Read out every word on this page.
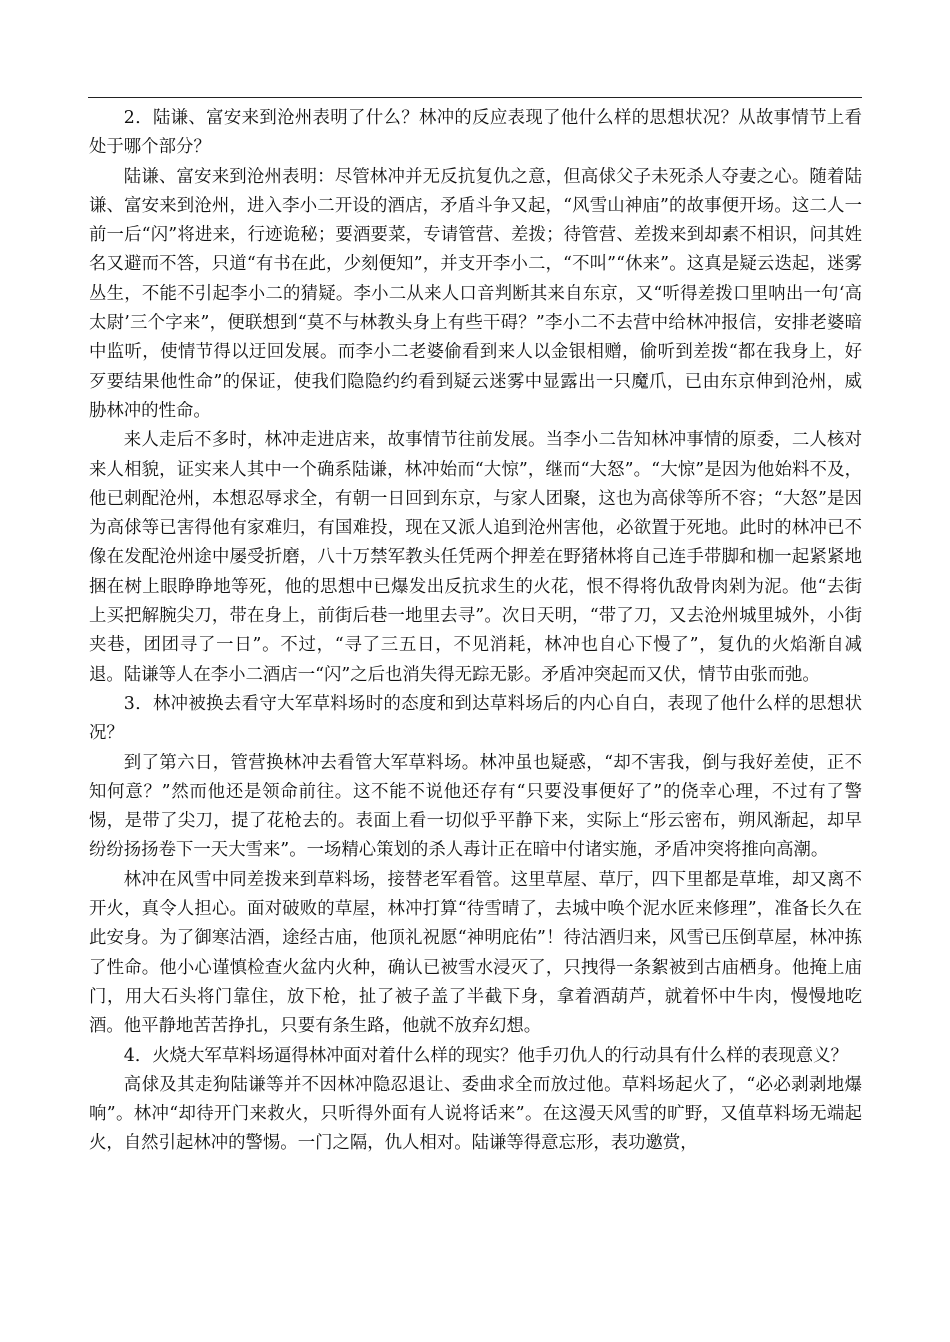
2．陆谦、富安来到沧州表明了什么？林冲的反应表现了他什么样的思想状况？从故事情节上看处于哪个部分？

陆谦、富安来到沧州表明：尽管林冲并无反抗复仇之意，但高俅父子未死杀人夺妻之心。随着陆谦、富安来到沧州，进入李小二开设的酒店，矛盾斗争又起，“风雪山神庙”的故事便开场。这二人一前一后“闪”将进来，行迹诡秘；要酒要菜，专请管营、差拨；待管营、差拨来到却素不相识，问其姓名又避而不答，只道“有书在此，少刻便知”，并支开李小二，“不叫”“休来”。这真是疑云迭起，迷雾丛生，不能不引起李小二的猜疑。李小二从来人口音判断其来自东京，又“听得差拨口里呐出一句‘高太尉’三个字来”，便联想到“莫不与林教头身上有些干碍？”李小二不去营中给林冲报信，安排老婆暗中监听，使情节得以迂回发展。而李小二老婆偷看到来人以金银相赠，偷听到差拨“都在我身上，好歹要结果他性命”的保证，使我们隐隐约约看到疑云迷雾中显露出一只魔爪，已由东京伸到沧州，威胁林冲的性命。

来人走后不多时，林冲走进店来，故事情节往前发展。当李小二告知林冲事情的原委，二人核对来人相貌，证实来人其中一个确系陆谦，林冲始而“大惊”，继而“大怒”。“大惊”是因为他始料不及，他已刺配沧州，本想忍辱求全，有朝一日回到东京，与家人团聚，这也为高俅等所不容；“大怒”是因为高俅等已害得他有家难归，有国难投，现在又派人追到沧州害他，必欲置于死地。此时的林冲已不像在发配沧州途中屡受折磨，八十万禁军教头任凭两个押差在野猪林将自己连手带脚和枷一起紧紧地捆在树上眼睁睁地等死，他的思想中已爆发出反抗求生的火花，恨不得将仇敌骨肉剁为泥。他“去街上买把解腕尖刀，带在身上，前街后巷一地里去寻”。次日天明，“带了刀，又去沧州城里城外，小街夹巷，团团寻了一日”。不过，“寻了三五日，不见消耗，林冲也自心下慢了”，复仇的火焰渐自减退。陆谦等人在李小二酒店一“闪”之后也消失得无踪无影。矛盾冲突起而又伏，情节由张而弛。

3．林冲被换去看守大军草料场时的态度和到达草料场后的内心自白，表现了他什么样的思想状况？

到了第六日，管营换林冲去看管大军草料场。林冲虽也疑惑，“却不害我，倒与我好差使，正不知何意？”然而他还是领命前往。这不能不说他还存有“只要没事便好了”的侥幸心理，不过有了警惕，是带了尖刀，提了花枪去的。表面上看一切似乎平静下来，实际上“彤云密布，朔风渐起，却早纷纷扬扬卷下一天大雪来”。一场精心策划的杀人毒计正在暗中付诸实施，矛盾冲突将推向高潮。

林冲在风雪中同差拨来到草料场，接替老军看管。这里草屋、草厅，四下里都是草堆，却又离不开火，真令人担心。面对破败的草屋，林冲打算“待雪晴了，去城中唤个泥水匠来修理”，准备长久在此安身。为了御寒沽酒，途经古庙，他顶礼祝愿“神明庇佑”！待沽酒归来，风雪已压倒草屋，林冲拣了性命。他小心谨慎检查火盆内火种，确认已被雪水浸灭了，只拽得一条絮被到古庙栖身。他掩上庙门，用大石头将门靠住，放下枪，扯了被子盖了半截下身，拿着酒葫芦，就着怀中牛肉，慢慢地吃酒。他平静地苦苦挣扎，只要有条生路，他就不放弃幻想。

4．火烧大军草料场逼得林冲面对着什么样的现实？他手刃仇人的行动具有什么样的表现意义？

高俅及其走狗陆谦等并不因林冲隐忍退让、委曲求全而放过他。草料场起火了，“必必剥剥地爆响”。林冲“却待开门来救火，只听得外面有人说将话来”。在这漫天风雪的旷野，又值草料场无端起火，自然引起林冲的警惕。一门之隔，仇人相对。陆谦等得意忘形，表功邀赏，
